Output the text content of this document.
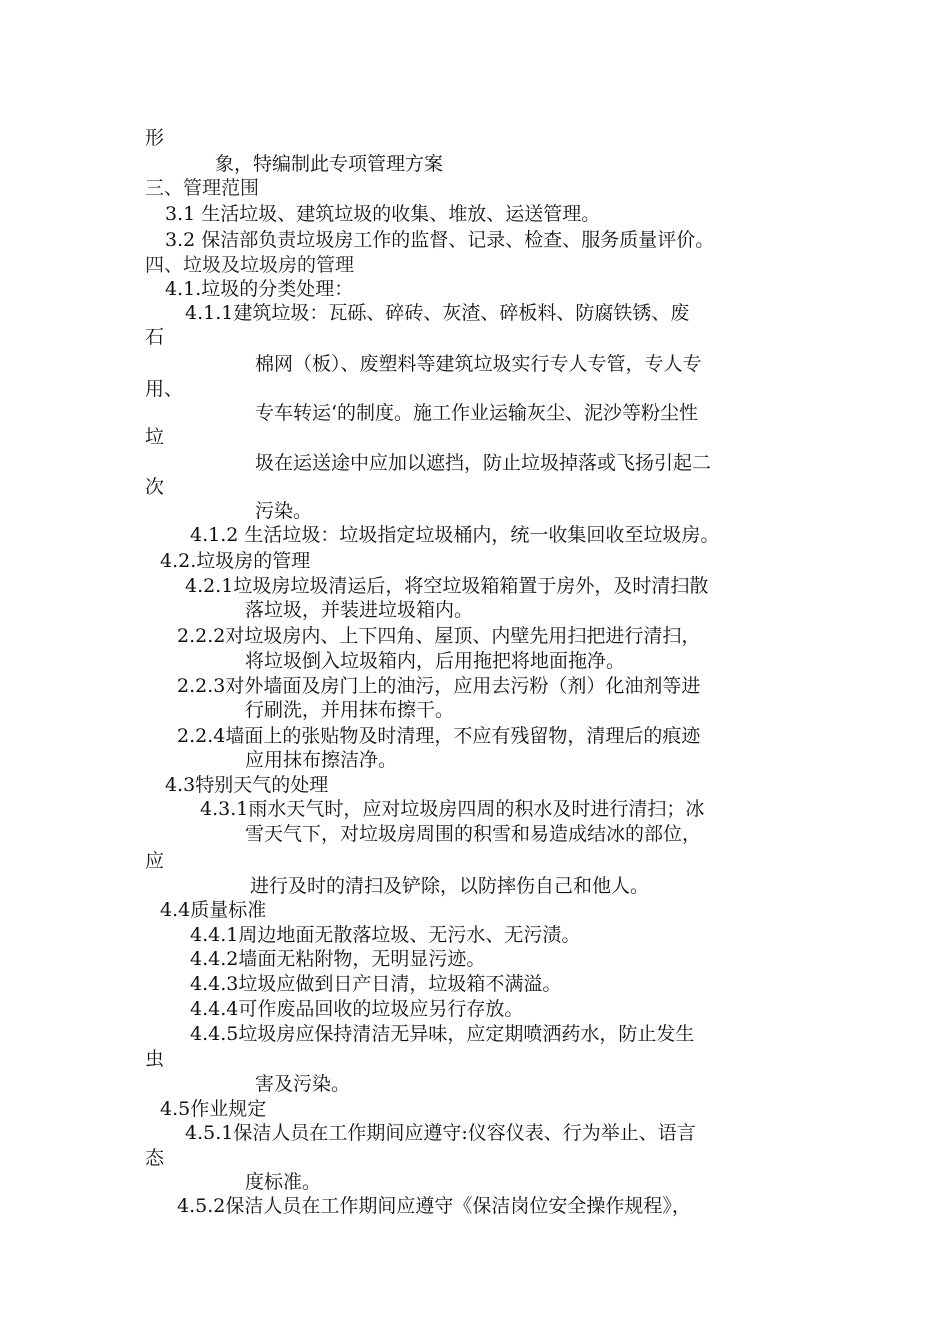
形
象，特编制此专项管理方案
三、管理范围
3.1 生活垃圾、建筑垃圾的收集、堆放、运送管理。
3.2 保洁部负责垃圾房工作的监督、记录、检查、服务质量评价。
四、垃圾及垃圾房的管理
4.1.垃圾的分类处理：
4.1.1建筑垃圾：瓦砾、碎砖、灰渣、碎板料、防腐铁锈、废
石
棉网（板）、废塑料等建筑垃圾实行专人专管，专人专
用、
专车转运‘的制度。施工作业运输灰尘、泥沙等粉尘性
垃
圾在运送途中应加以遮挡，防止垃圾掉落或飞扬引起二
次
污染。
4.1.2 生活垃圾：垃圾指定垃圾桶内，统一收集回收至垃圾房。
4.2.垃圾房的管理
4.2.1垃圾房垃圾清运后，将空垃圾箱箱置于房外，及时清扫散
落垃圾，并装进垃圾箱内。
2.2.2对垃圾房内、上下四角、屋顶、内壁先用扫把进行清扫，
将垃圾倒入垃圾箱内，后用拖把将地面拖净。
2.2.3对外墙面及房门上的油污，应用去污粉（剂）化油剂等进
行刷洗，并用抹布擦干。
2.2.4墙面上的张贴物及时清理，不应有残留物，清理后的痕迹
应用抹布擦洁净。
4.3特别天气的处理
4.3.1雨水天气时，应对垃圾房四周的积水及时进行清扫；冰
雪天气下，对垃圾房周围的积雪和易造成结冰的部位，
应
进行及时的清扫及铲除，以防摔伤自己和他人。
4.4质量标准
4.4.1周边地面无散落垃圾、无污水、无污渍。
4.4.2墙面无粘附物，无明显污迹。
4.4.3垃圾应做到日产日清，垃圾箱不满溢。
4.4.4可作废品回收的垃圾应另行存放。
4.4.5垃圾房应保持清洁无异味，应定期喷洒药水，防止发生
虫
害及污染。
4.5作业规定
4.5.1保洁人员在工作期间应遵守:仪容仪表、行为举止、语言
态
度标准。
4.5.2保洁人员在工作期间应遵守《保洁岗位安全操作规程》，
